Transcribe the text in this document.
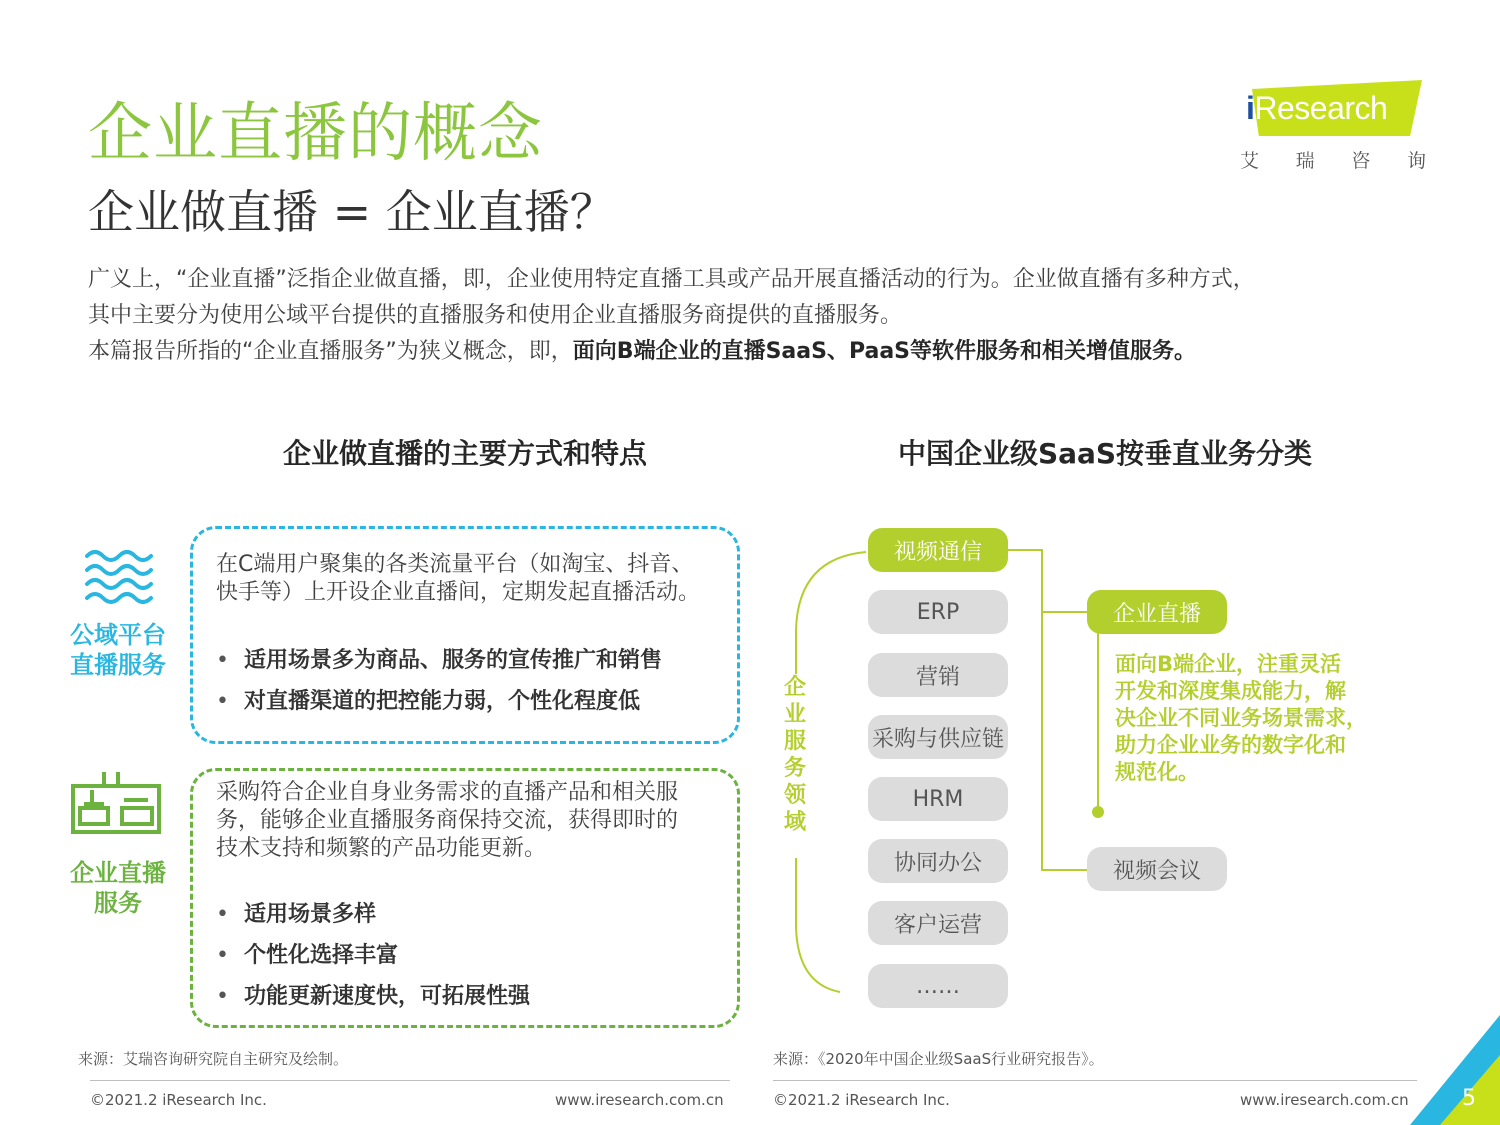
iResearch
艾 瑞 咨 询
企业直播的概念
企业做直播 = 企业直播？

广义上，“企业直播”泛指企业做直播，即，企业使用特定直播工具或产品开展直播活动的行为。企业做直播有多种方式，

其中主要分为使用公域平台提供的直播服务和使用企业直播服务商提供的直播服务。

本篇报告所指的“企业直播服务”为狭义概念，即，面向B端企业的直播SaaS、PaaS等软件服务和相关增值服务。

企业做直播的主要方式和特点
公域平台
直播服务
在C端用户聚集的各类流量平台（如淘宝、抖音、
快手等）上开设企业直播间，定期发起直播活动。
• 适用场景多为商品、服务的宣传推广和销售
• 对直播渠道的把控能力弱，个性化程度低
企业直播
服务
采购符合企业自身业务需求的直播产品和相关服
务，能够企业直播服务商保持交流，获得即时的
技术支持和频繁的产品功能更新。
• 适用场景多样
• 个性化选择丰富
• 功能更新速度快，可拓展性强
来源：艾瑞咨询研究院自主研究及绘制。
©2021.2 iResearch Inc.	www.iresearch.com.cn
中国企业级SaaS按垂直业务分类
企
业
服
务
领
域
视频通信
ERP
营销
采购与供应链
HRM
协同办公
客户运营
……
企业直播
视频会议
面向B端企业，注重灵活
开发和深度集成能力，解
决企业不同业务场景需求，
助力企业业务的数字化和
规范化。
来源：《2020年中国企业级SaaS行业研究报告》。
©2021.2 iResearch Inc.	www.iresearch.com.cn 5
